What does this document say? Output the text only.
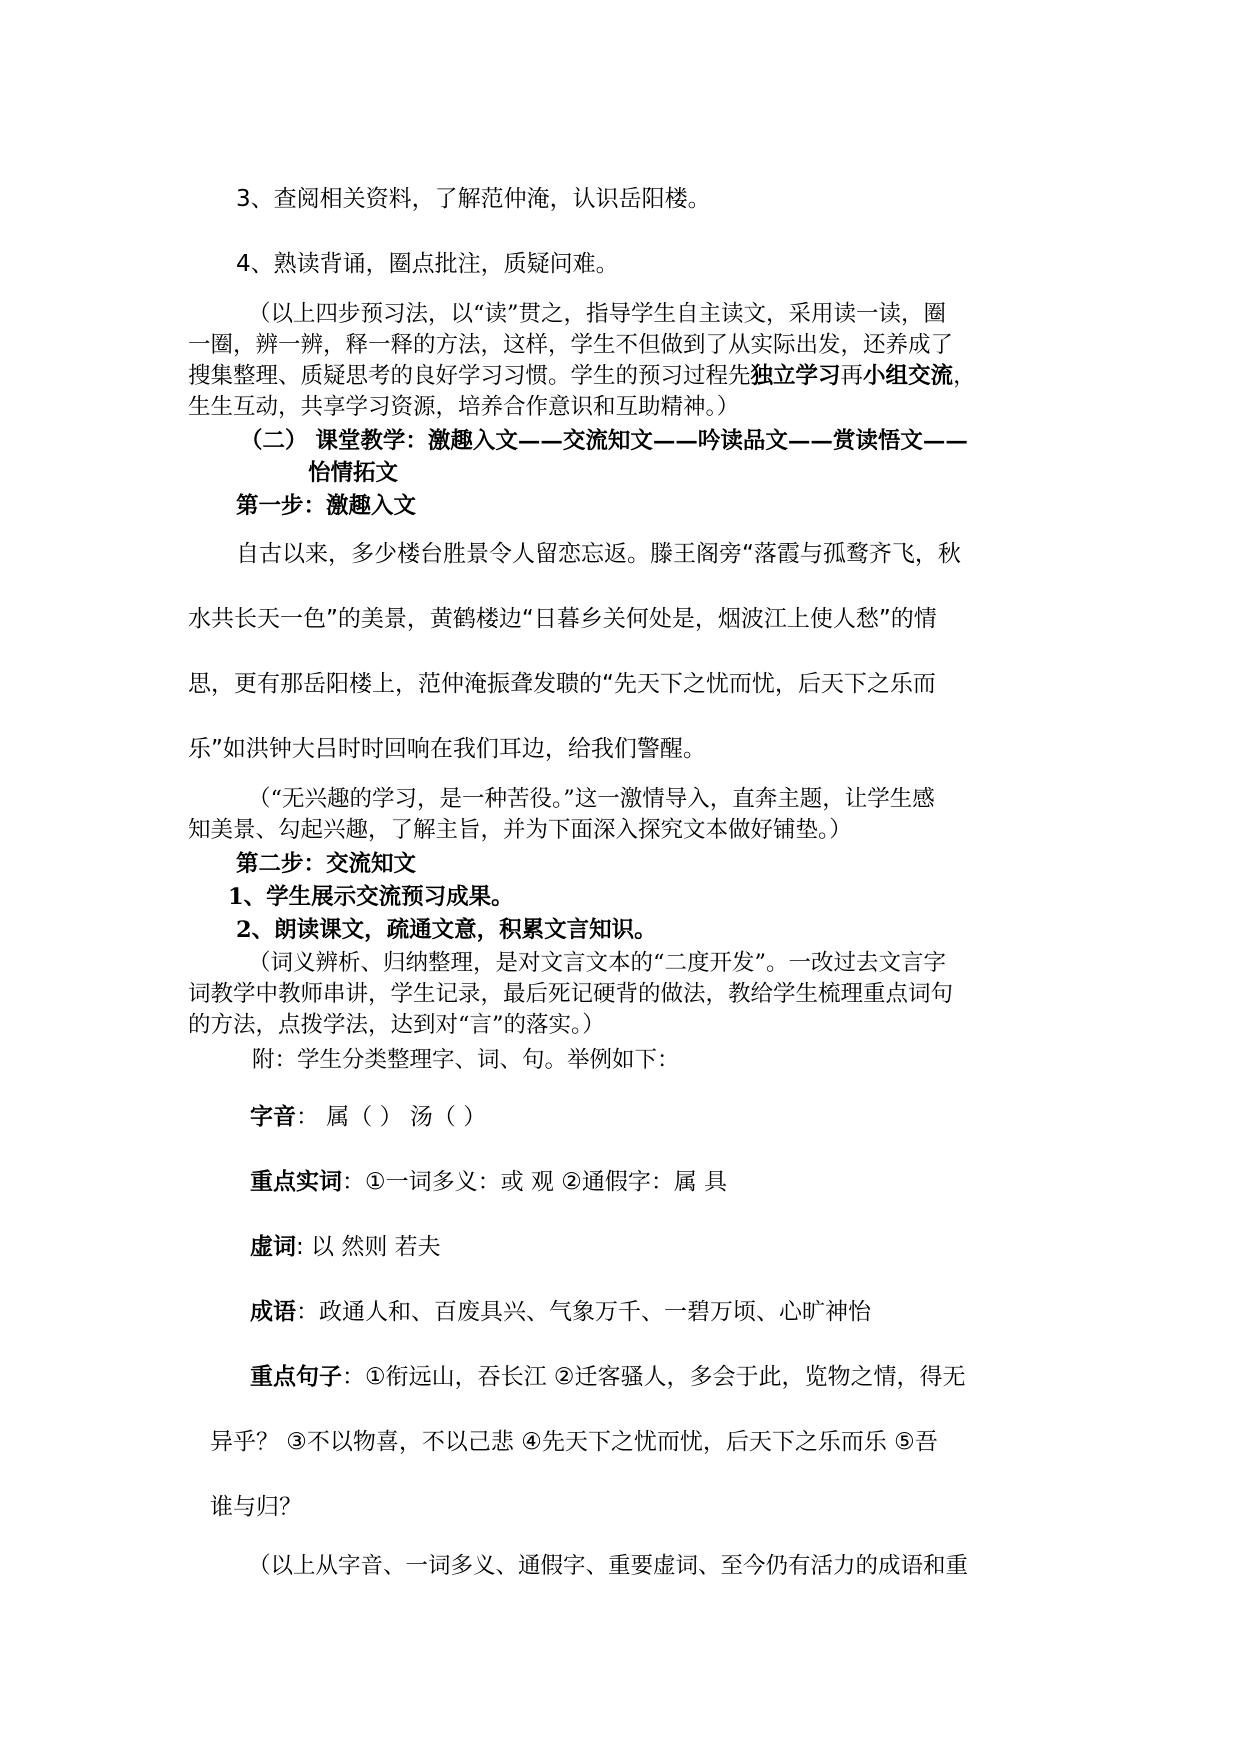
3、查阅相关资料，了解范仲淹，认识岳阳楼。
4、熟读背诵，圈点批注，质疑问难。
（以上四步预习法，以“读”贯之，指导学生自主读文，采用读一读，圈
一圈，辨一辨，释一释的方法，这样，学生不但做到了从实际出发，还养成了
搜集整理、质疑思考的良好学习习惯。学生的预习过程先独立学习再小组交流，
生生互动，共享学习资源，培养合作意识和互助精神。）
（二） 课堂教学：激趣入文——交流知文——吟读品文——赏读悟文——
怡情拓文
第一步：激趣入文
自古以来，多少楼台胜景令人留恋忘返。滕王阁旁“落霞与孤鹜齐飞，秋
水共长天一色”的美景，黄鹤楼边“日暮乡关何处是，烟波江上使人愁”的情
思，更有那岳阳楼上，范仲淹振聋发聩的“先天下之忧而忧，后天下之乐而
乐”如洪钟大吕时时回响在我们耳边，给我们警醒。
（“无兴趣的学习，是一种苦役。”这一激情导入，直奔主题，让学生感
知美景、勾起兴趣，了解主旨，并为下面深入探究文本做好铺垫。）
第二步：交流知文
1、学生展示交流预习成果。
2、朗读课文，疏通文意，积累文言知识。
（词义辨析、归纳整理，是对文言文本的“二度开发”。一改过去文言字
词教学中教师串讲，学生记录，最后死记硬背的做法，教给学生梳理重点词句
的方法，点拨学法，达到对“言”的落实。）
附：学生分类整理字、词、句。举例如下：
字音： 属（ ） 汤（ ）
重点实词：①一词多义：或 观 ②通假字：属 具
虚词: 以 然则 若夫
成语：政通人和、百废具兴、气象万千、一碧万顷、心旷神怡
重点句子：①衔远山，吞长江 ②迁客骚人，多会于此，览物之情，得无
异乎？ ③不以物喜，不以己悲 ④先天下之忧而忧，后天下之乐而乐 ⑤吾
谁与归？
（以上从字音、一词多义、通假字、重要虚词、至今仍有活力的成语和重
